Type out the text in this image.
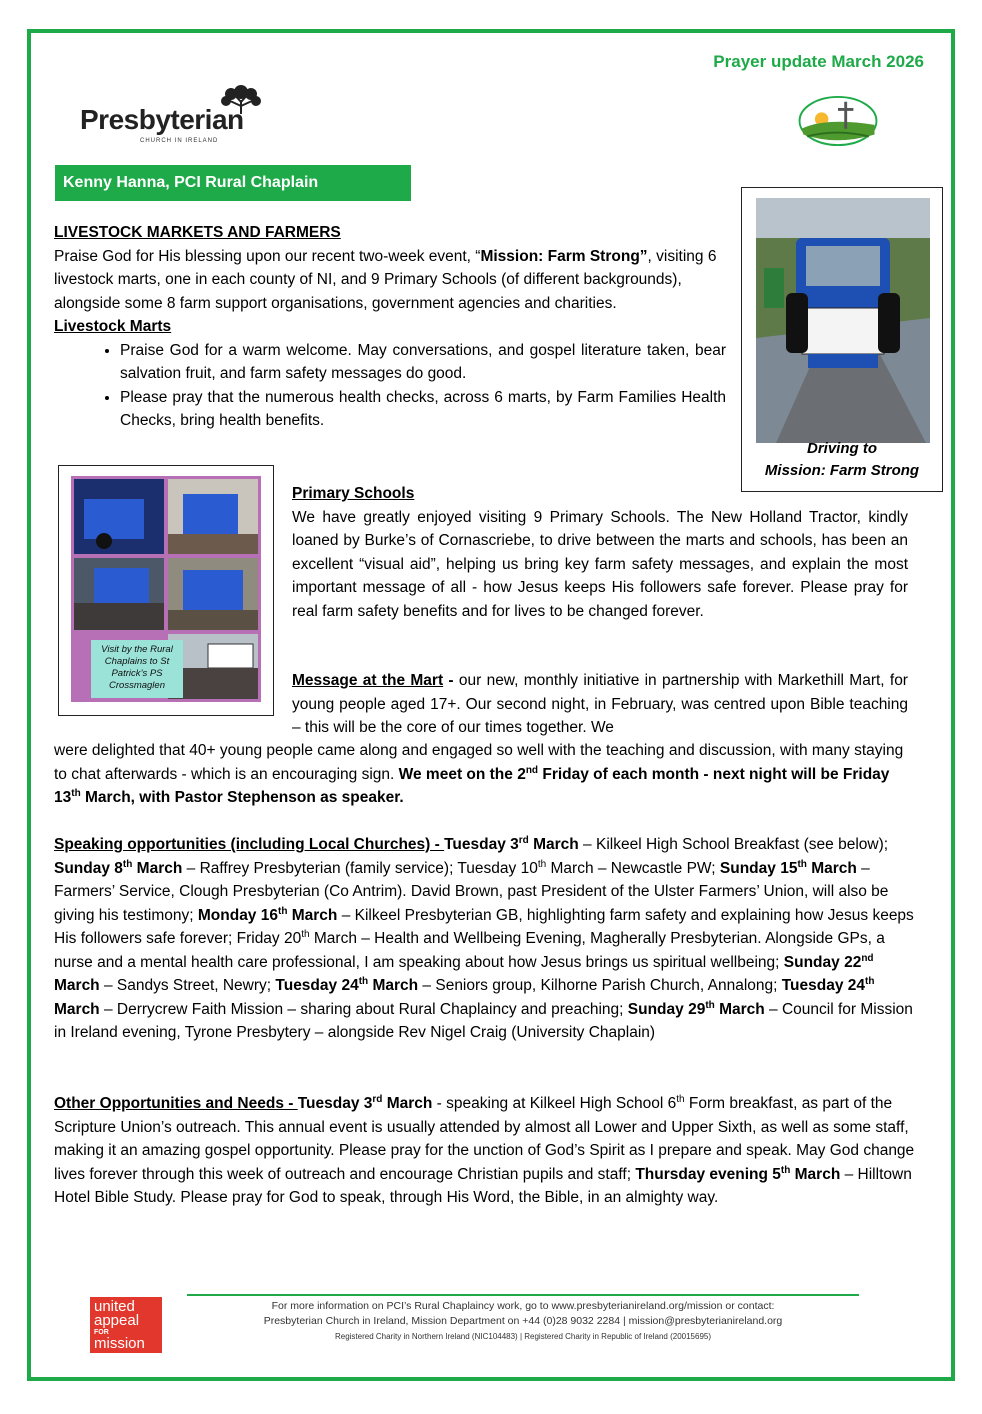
Prayer update March 2026
Presbyterian
CHURCH IN IRELAND
Kenny Hanna, PCI Rural Chaplain
LIVESTOCK MARKETS AND FARMERS
Praise God for His blessing upon our recent two-week event, “Mission: Farm Strong”, visiting 6 livestock marts, one in each county of NI, and 9 Primary Schools (of different backgrounds), alongside some 8 farm support organisations, government agencies and charities.
Livestock Marts
• Praise God for a warm welcome. May conversations, and gospel literature taken, bear salvation fruit, and farm safety messages do good.
• Please pray that the numerous health checks, across 6 marts, by Farm Families Health Checks, bring health benefits.
Driving to
Mission: Farm Strong
Visit by the Rural Chaplains to St Patrick’s PS Crossmaglen
Primary Schools
We have greatly enjoyed visiting 9 Primary Schools. The New Holland Tractor, kindly loaned by Burke’s of Cornascriebe, to drive between the marts and schools, has been an excellent “visual aid”, helping us bring key farm safety messages, and explain the most important message of all - how Jesus keeps His followers safe forever. Please pray for real farm safety benefits and for lives to be changed forever.
Message at the Mart - our new, monthly initiative in partnership with Markethill Mart, for young people aged 17+. Our second night, in February, was centred upon Bible teaching – this will be the core of our times together. We
were delighted that 40+ young people came along and engaged so well with the teaching and discussion, with many staying to chat afterwards - which is an encouraging sign. We meet on the 2nd Friday of each month - next night will be Friday 13th March, with Pastor Stephenson as speaker.
Speaking opportunities (including Local Churches) - Tuesday 3rd March – Kilkeel High School Breakfast (see below); Sunday 8th March – Raffrey Presbyterian (family service); Tuesday 10th March – Newcastle PW; Sunday 15th March – Farmers’ Service, Clough Presbyterian (Co Antrim). David Brown, past President of the Ulster Farmers’ Union, will also be giving his testimony; Monday 16th March – Kilkeel Presbyterian GB, highlighting farm safety and explaining how Jesus keeps His followers safe forever; Friday 20th March – Health and Wellbeing Evening, Magherally Presbyterian. Alongside GPs, a nurse and a mental health care professional, I am speaking about how Jesus brings us spiritual wellbeing; Sunday 22nd March – Sandys Street, Newry; Tuesday 24th March – Seniors group, Kilhorne Parish Church, Annalong; Tuesday 24th March – Derrycrew Faith Mission – sharing about Rural Chaplaincy and preaching; Sunday 29th March – Council for Mission in Ireland evening, Tyrone Presbytery – alongside Rev Nigel Craig (University Chaplain)
Other Opportunities and Needs - Tuesday 3rd March - speaking at Kilkeel High School 6th Form breakfast, as part of the Scripture Union’s outreach. This annual event is usually attended by almost all Lower and Upper Sixth, as well as some staff, making it an amazing gospel opportunity. Please pray for the unction of God’s Spirit as I prepare and speak. May God change lives forever through this week of outreach and encourage Christian pupils and staff; Thursday evening 5th March – Hilltown Hotel Bible Study. Please pray for God to speak, through His Word, the Bible, in an almighty way.
united
appeal
FOR
mission
For more information on PCI’s Rural Chaplaincy work, go to www.presbyterianireland.org/mission or contact:
Presbyterian Church in Ireland, Mission Department on +44 (0)28 9032 2284 | mission@presbyterianireland.org
Registered Charity in Northern Ireland (NIC104483) | Registered Charity in Republic of Ireland (20015695)
